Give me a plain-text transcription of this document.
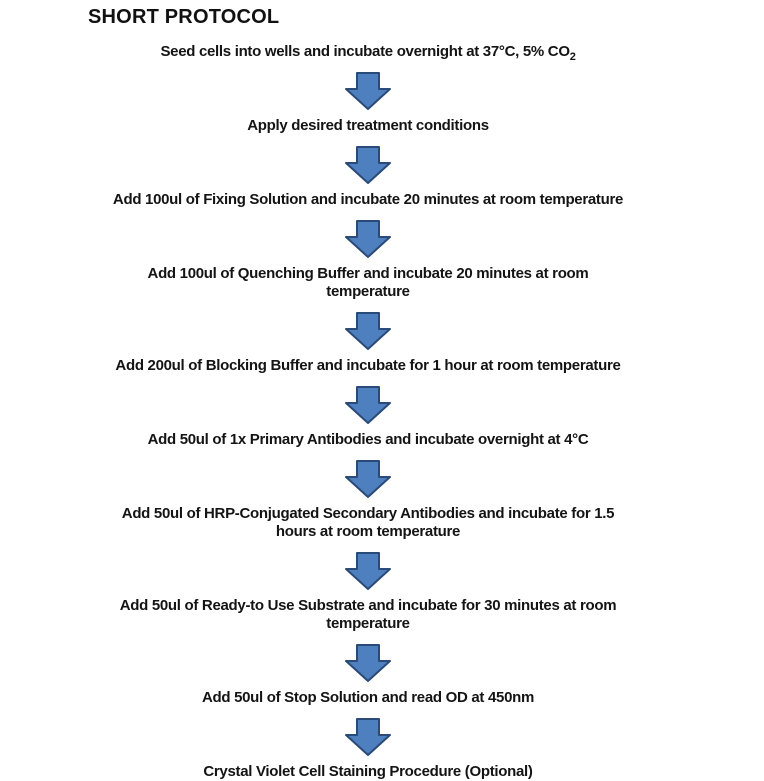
SHORT PROTOCOL
Seed cells into wells and incubate overnight at 37°C, 5% $CO_2$
Apply desired treatment conditions
Add 100ul of Fixing Solution and incubate 20 minutes at room temperature
Add 100ul of Quenching Buffer and incubate 20 minutes at room
temperature
Add 200ul of Blocking Buffer and incubate for 1 hour at room temperature
Add 50ul of 1x Primary Antibodies and incubate overnight at 4°C
Add 50ul of HRP-Conjugated Secondary Antibodies and incubate for 1.5
hours at room temperature
Add 50ul of Ready-to Use Substrate and incubate for 30 minutes at room
temperature
Add 50ul of Stop Solution and read OD at 450nm
Crystal Violet Cell Staining Procedure (Optional)
